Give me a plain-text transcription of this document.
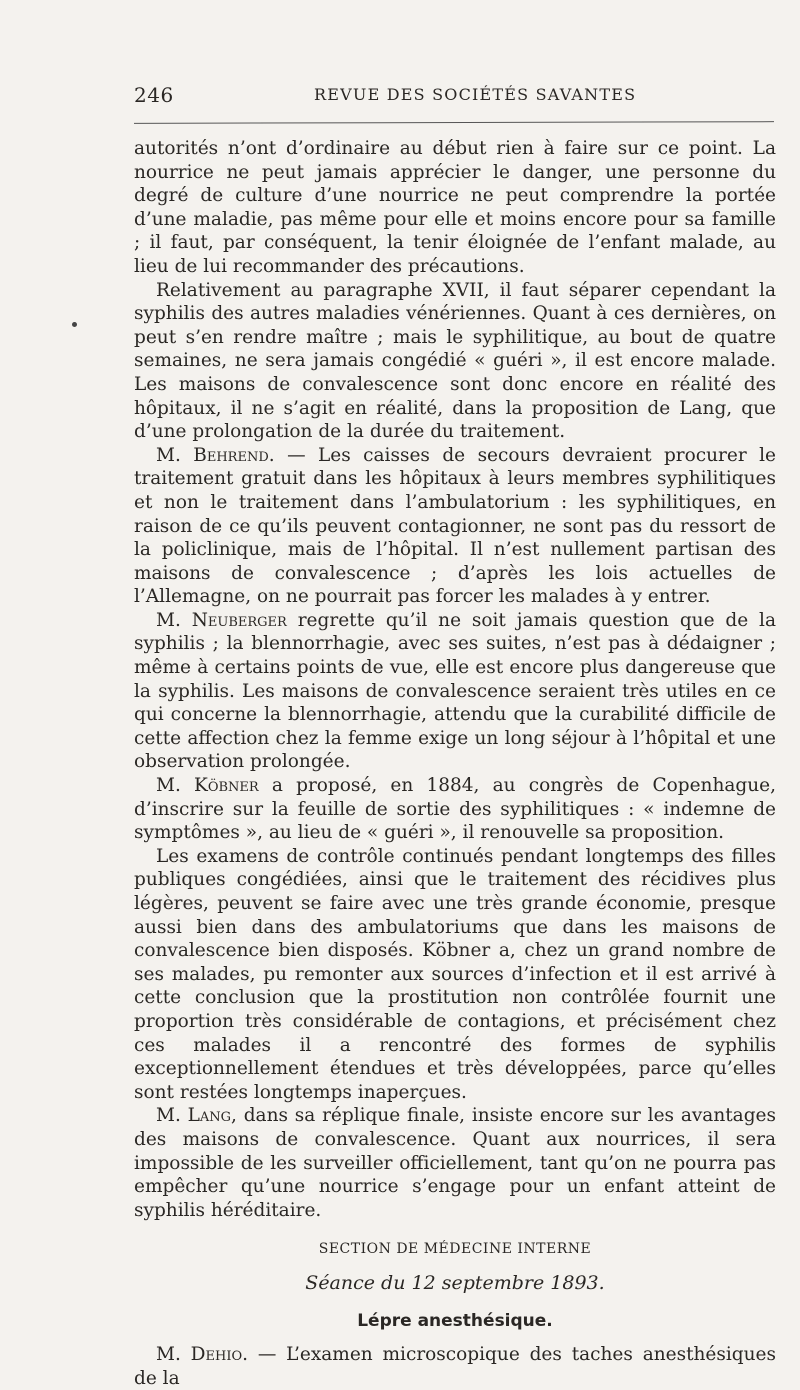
246	REVUE DES SOCIÉTÉS SAVANTES

autorités n’ont d’ordinaire au début rien à faire sur ce point. La nourrice ne peut jamais apprécier le danger, une personne du degré de culture d’une nourrice ne peut comprendre la portée d’une maladie, pas même pour elle et moins encore pour sa famille ; il faut, par conséquent, la tenir éloignée de l’enfant malade, au lieu de lui recommander des précautions.

Relativement au paragraphe XVII, il faut séparer cependant la syphilis des autres maladies vénériennes. Quant à ces dernières, on peut s’en rendre maître ; mais le syphilitique, au bout de quatre semaines, ne sera jamais congédié « guéri », il est encore malade. Les maisons de convalescence sont donc encore en réalité des hôpitaux, il ne s’agit en réalité, dans la proposition de Lang, que d’une prolongation de la durée du traitement.

M. Behrend. — Les caisses de secours devraient procurer le traitement gratuit dans les hôpitaux à leurs membres syphilitiques et non le traitement dans l’ambulatorium : les syphilitiques, en raison de ce qu’ils peuvent contagionner, ne sont pas du ressort de la policlinique, mais de l’hôpital. Il n’est nullement partisan des maisons de convalescence ; d’après les lois actuelles de l’Allemagne, on ne pourrait pas forcer les malades à y entrer.

M. Neuberger regrette qu’il ne soit jamais question que de la syphilis ; la blennorrhagie, avec ses suites, n’est pas à dédaigner ; même à certains points de vue, elle est encore plus dangereuse que la syphilis. Les maisons de convalescence seraient très utiles en ce qui concerne la blennorrhagie, attendu que la curabilité difficile de cette affection chez la femme exige un long séjour à l’hôpital et une observation prolongée.

M. Köbner a proposé, en 1884, au congrès de Copenhague, d’inscrire sur la feuille de sortie des syphilitiques : « indemne de symptômes », au lieu de « guéri », il renouvelle sa proposition.

Les examens de contrôle continués pendant longtemps des filles publiques congédiées, ainsi que le traitement des récidives plus légères, peuvent se faire avec une très grande économie, presque aussi bien dans des ambulatoriums que dans les maisons de convalescence bien disposés. Köbner a, chez un grand nombre de ses malades, pu remonter aux sources d’infection et il est arrivé à cette conclusion que la prostitution non contrôlée fournit une proportion très considérable de contagions, et précisément chez ces malades il a rencontré des formes de syphilis exceptionnellement étendues et très développées, parce qu’elles sont restées longtemps inaperçues.

M. Lang, dans sa réplique finale, insiste encore sur les avantages des maisons de convalescence. Quant aux nourrices, il sera impossible de les surveiller officiellement, tant qu’on ne pourra pas empêcher qu’une nourrice s’engage pour un enfant atteint de syphilis héréditaire.

SECTION DE MÉDECINE INTERNE

Séance du 12 septembre 1893.

Lépre anesthésique.

M. Dehio. — L’examen microscopique des taches anesthésiques de la
